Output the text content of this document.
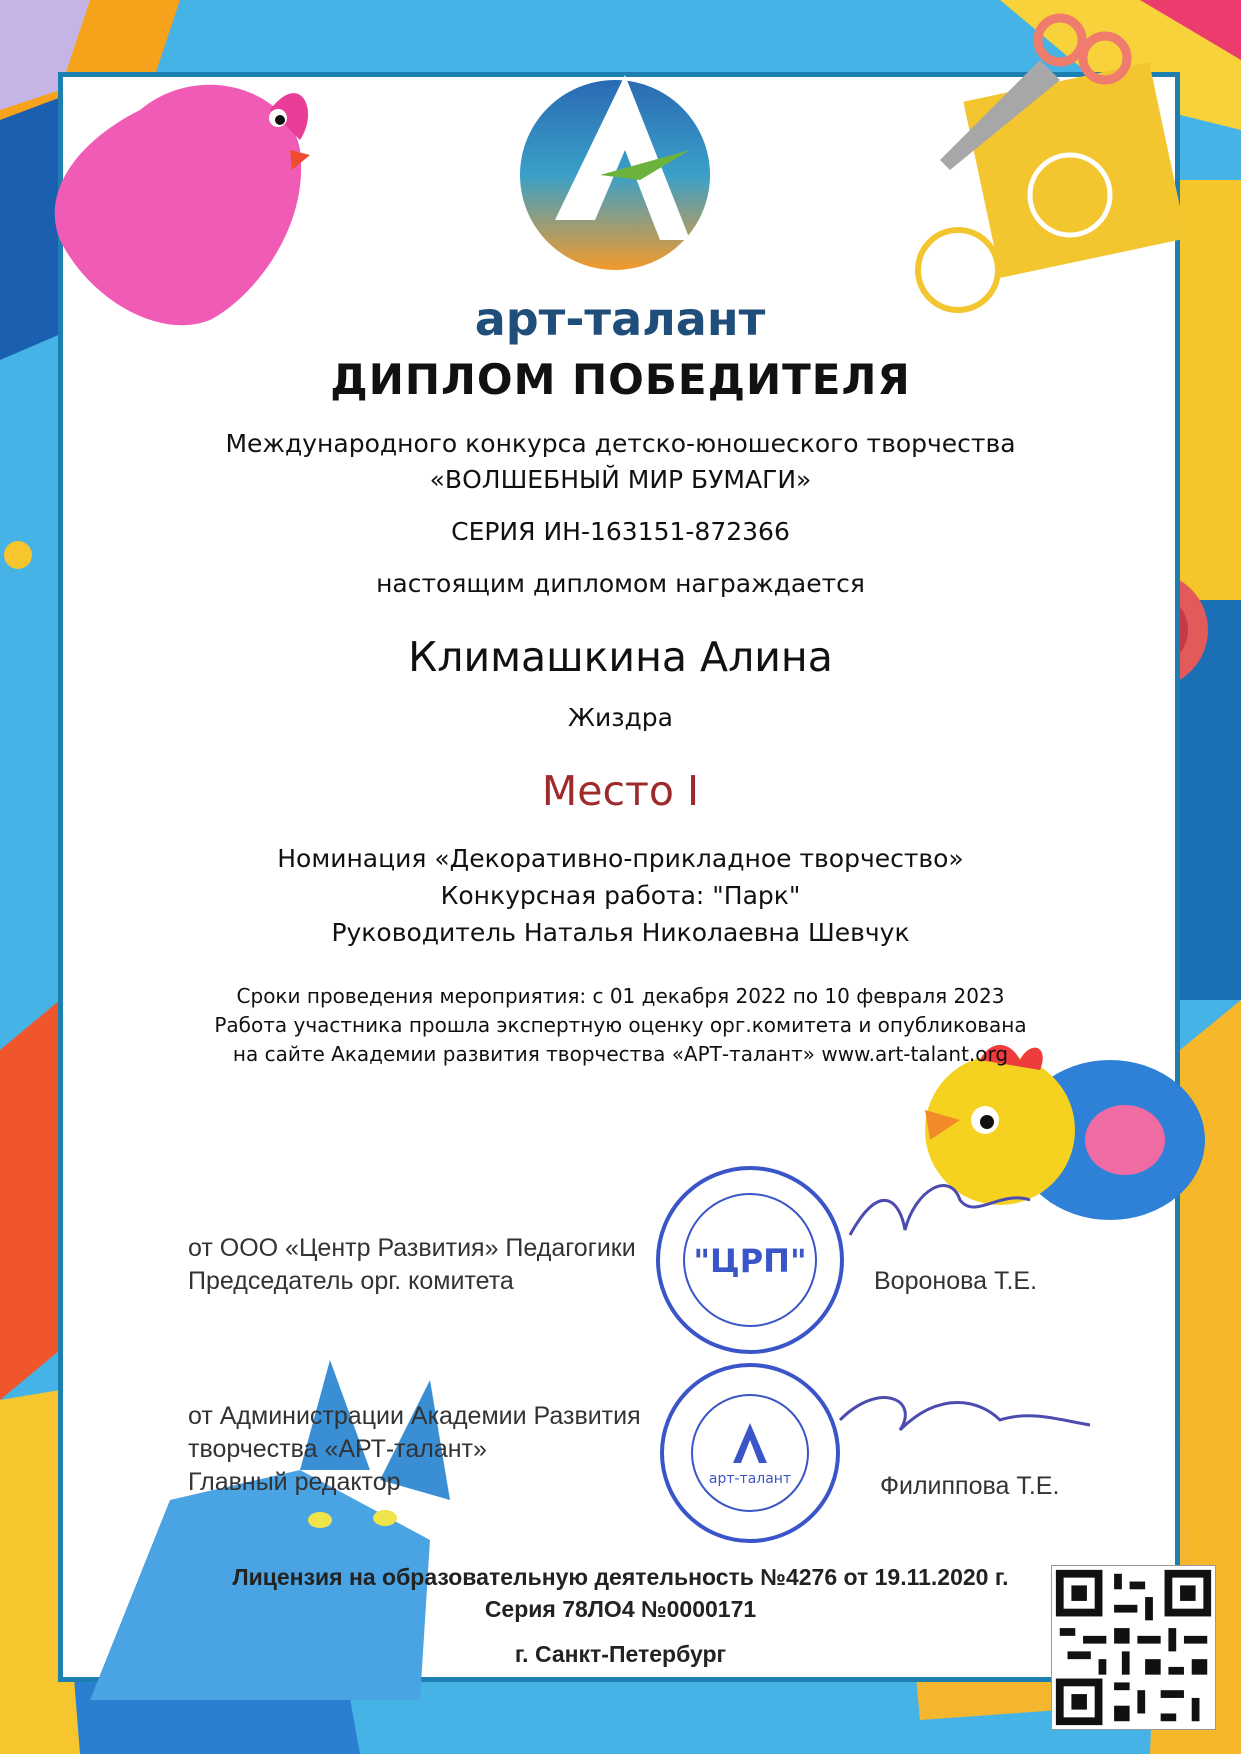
арт-талант
ДИПЛОМ ПОБЕДИТЕЛЯ
Международного конкурса детско-юношеского творчества
«ВОЛШЕБНЫЙ МИР БУМАГИ»
СЕРИЯ ИН-163151-872366
настоящим дипломом награждается
Климашкина Алина
Жиздра
Место I
Номинация «Декоративно-прикладное творчество»
Конкурсная работа: "Парк"
Руководитель Наталья Николаевна Шевчук
Сроки проведения мероприятия: с 01 декабря 2022 по 10 февраля 2023
Работа участника прошла экспертную оценку орг.комитета и опубликована
на сайте Академии развития творчества «АРТ-талант» www.art-talant.org
"ЦРП"
арт-талант
от ООО «Центр Развития» Педагогики
Председатель орг. комитета	Воронова Т.Е.
от Администрации Академии Развития
творчества «АРТ-талант»
Главный редактор	Филиппова Т.Е.
Лицензия на образовательную деятельность №4276 от 19.11.2020 г.
Серия 78ЛО4 №0000171
г. Санкт-Петербург
